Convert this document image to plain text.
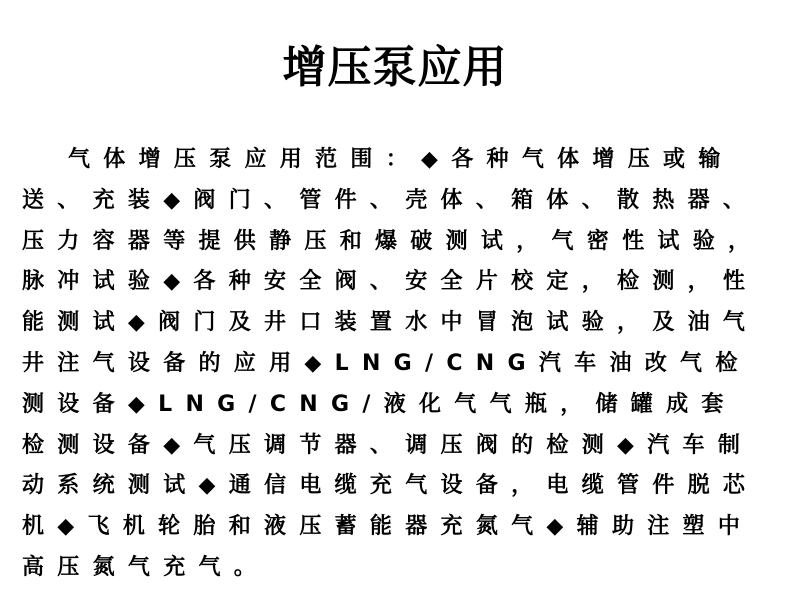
增压泵应用

气体增压泵应用范围：◆各种气体增压或输送、充装◆阀门、管件、壳体、箱体、散热器、压力容器等提供静压和爆破测试，气密性试验，脉冲试验◆各种安全阀、安全片校定，检测，性能测试◆阀门及井口装置水中冒泡试验，及油气井注气设备的应用◆LNG/CNG汽车油改气检测设备◆LNG/CNG/液化气气瓶，储罐成套检测设备◆气压调节器、调压阀的检测◆汽车制动系统测试◆通信电缆充气设备，电缆管件脱芯机◆飞机轮胎和液压蓄能器充氮气◆辅助注塑中高压氮气充气。
